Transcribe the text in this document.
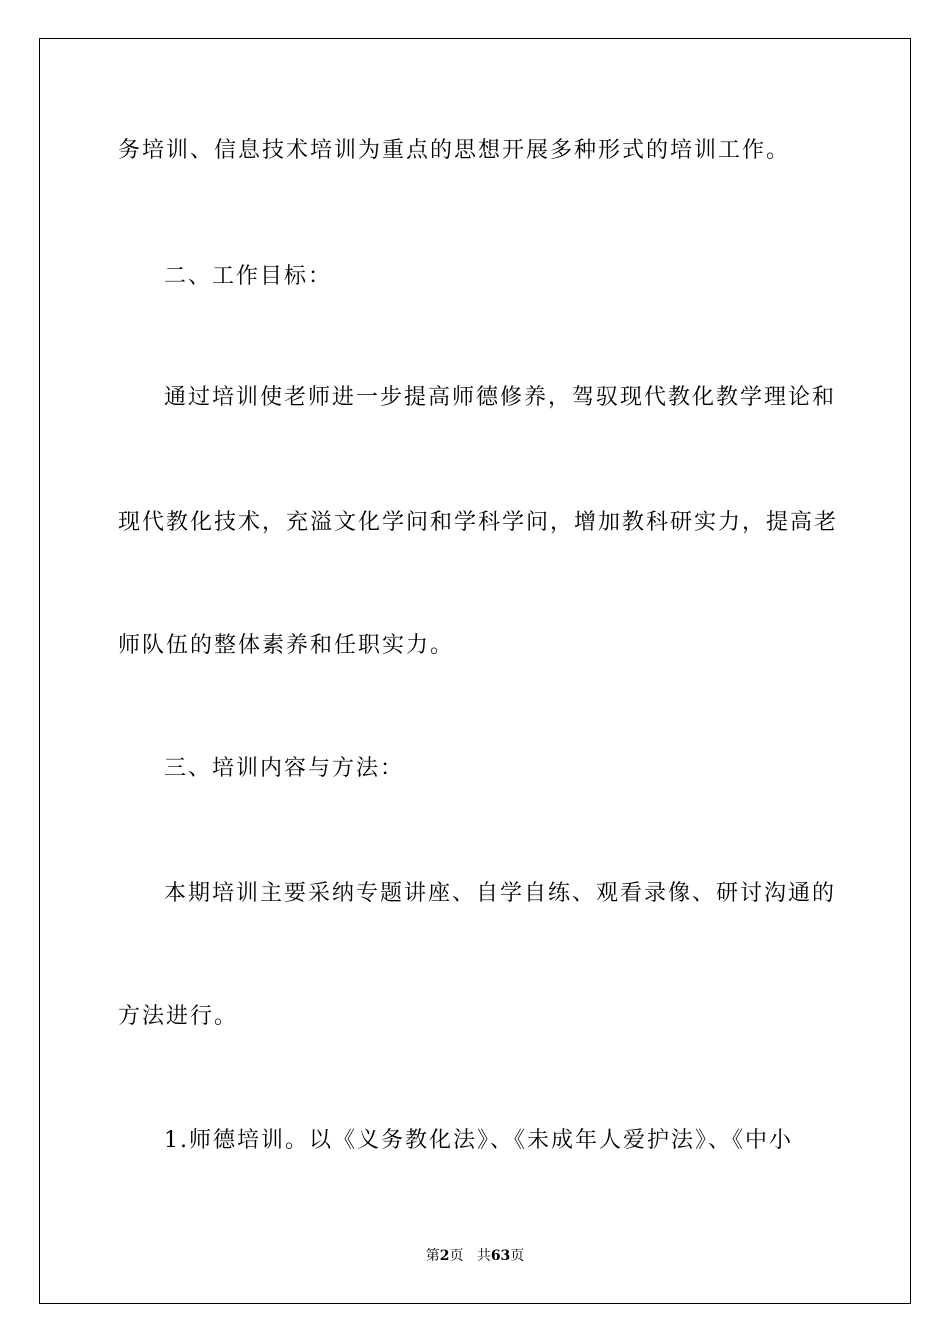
务培训、信息技术培训为重点的思想开展多种形式的培训工作。
二、工作目标：
通过培训使老师进一步提高师德修养，驾驭现代教化教学理论和
现代教化技术，充溢文化学问和学科学问，增加教科研实力，提高老
师队伍的整体素养和任职实力。
三、培训内容与方法：
本期培训主要采纳专题讲座、自学自练、观看录像、研讨沟通的
方法进行。
1.师德培训。以《义务教化法》、《未成年人爱护法》、《中小
第2页 共63页
